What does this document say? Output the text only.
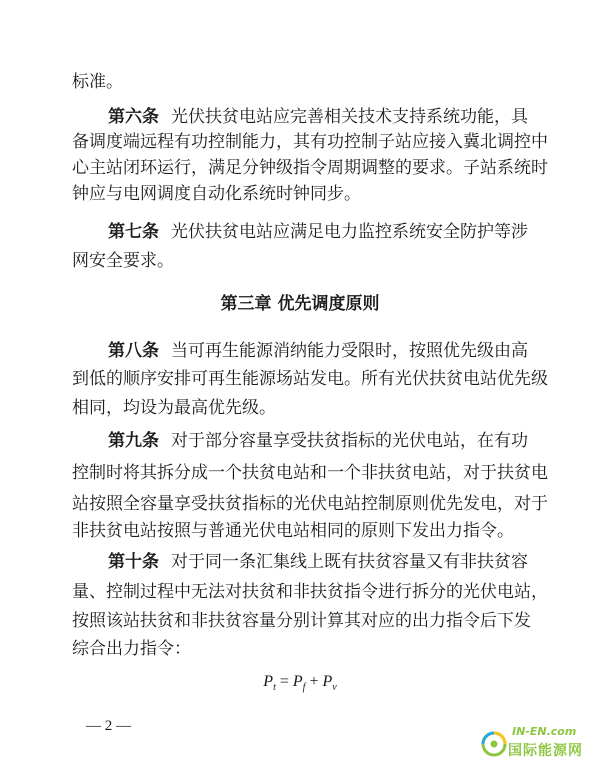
标准。
第六条 光伏扶贫电站应完善相关技术支持系统功能，具
备调度端远程有功控制能力，其有功控制子站应接入冀北调控中
心主站闭环运行，满足分钟级指令周期调整的要求。子站系统时
钟应与电网调度自动化系统时钟同步。
第七条 光伏扶贫电站应满足电力监控系统安全防护等涉
网安全要求。
第三章 优先调度原则
第八条 当可再生能源消纳能力受限时，按照优先级由高
到低的顺序安排可再生能源场站发电。所有光伏扶贫电站优先级
相同，均设为最高优先级。
第九条 对于部分容量享受扶贫指标的光伏电站，在有功
控制时将其拆分成一个扶贫电站和一个非扶贫电站，对于扶贫电
站按照全容量享受扶贫指标的光伏电站控制原则优先发电，对于
非扶贫电站按照与普通光伏电站相同的原则下发出力指令。
第十条 对于同一条汇集线上既有扶贫容量又有非扶贫容
量、控制过程中无法对扶贫和非扶贫指令进行拆分的光伏电站，
按照该站扶贫和非扶贫容量分别计算其对应的出力指令后下发
综合出力指令：
$P_t = P_f + P_v$
— 2 —	IN-EN.com
国际能源网
